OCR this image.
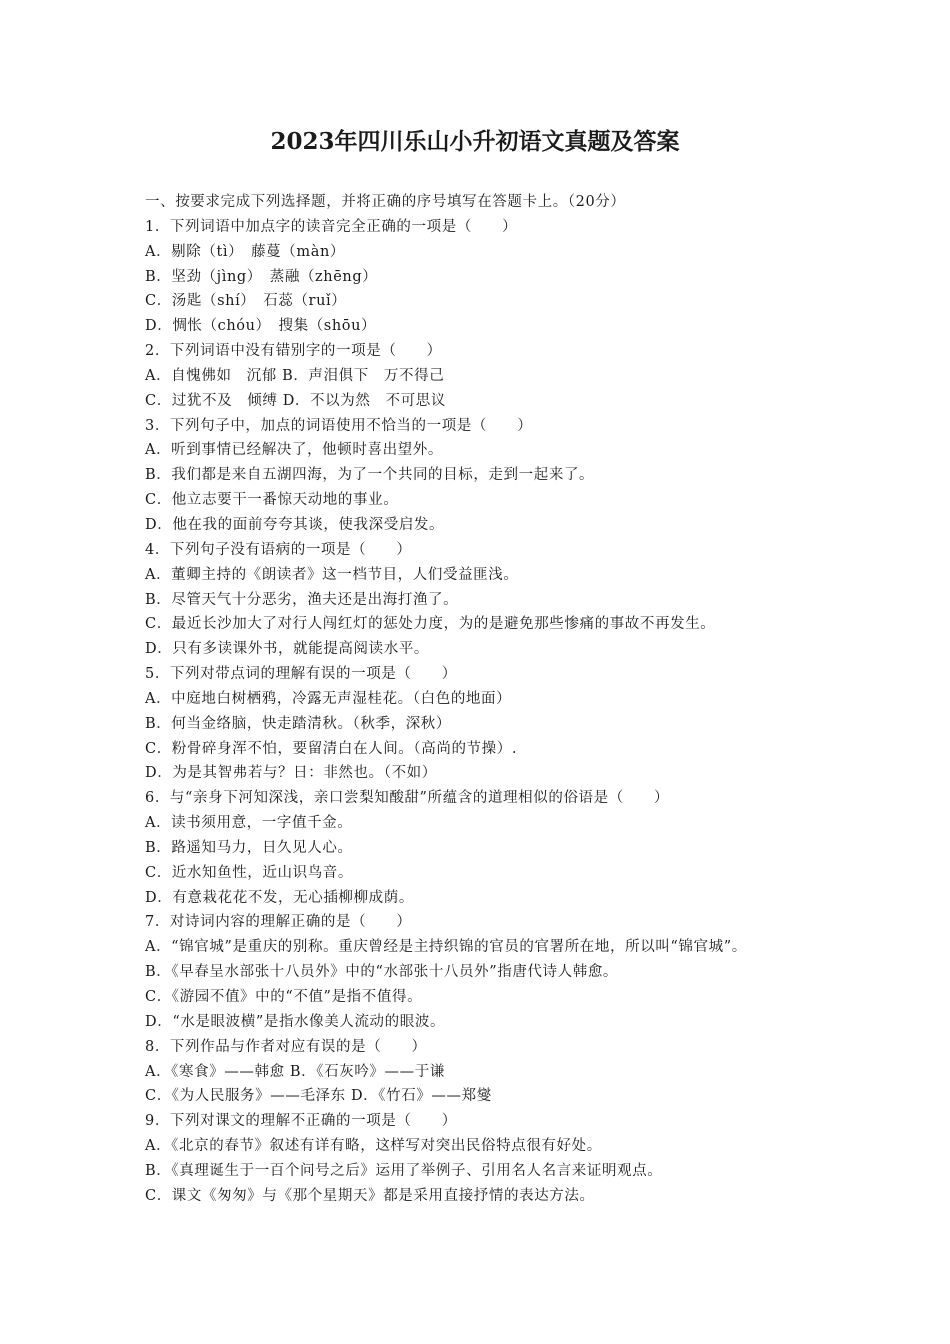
2023年四川乐山小升初语文真题及答案
一、按要求完成下列选择题，并将正确的序号填写在答题卡上。（20分）
1．下列词语中加点字的读音完全正确的一项是（　　）
A．剔除（tì）　藤蔓（màn）
B．坚劲（jìng）　蒸融（zhēng）
C．汤匙（shí）　石蕊（ruǐ）
D．惆怅（chóu）　搜集（shōu）
2．下列词语中没有错别字的一项是（　　）
A．自愧佛如　沉郁 B．声泪俱下　万不得己
C．过犹不及　倾缚 D．不以为然　不可思议
3．下列句子中，加点的词语使用不恰当的一项是（　　）
A．听到事情已经解决了，他顿时喜出望外。
B．我们都是来自五湖四海，为了一个共同的目标，走到一起来了。
C．他立志要干一番惊天动地的事业。
D．他在我的面前夸夸其谈，使我深受启发。
4．下列句子没有语病的一项是（　　）
A．董卿主持的《朗读者》这一档节目，人们受益匪浅。
B．尽管天气十分恶劣，渔夫还是出海打渔了。
C．最近长沙加大了对行人闯红灯的惩处力度，为的是避免那些惨痛的事故不再发生。
D．只有多读课外书，就能提高阅读水平。
5．下列对带点词的理解有误的一项是（　　）
A．中庭地白树栖鸦，冷露无声湿桂花。（白色的地面）
B．何当金络脑，快走踏清秋。（秋季，深秋）
C．粉骨碎身浑不怕，要留清白在人间。（高尚的节操）.
D．为是其智弗若与？日：非然也。（不如）
6．与“亲身下河知深浅，亲口尝梨知酸甜”所蕴含的道理相似的俗语是（　　）
A．读书须用意，一字值千金。
B．路遥知马力，日久见人心。
C．近水知鱼性，近山识鸟音。
D．有意栽花花不发，无心插柳柳成荫。
7．对诗词内容的理解正确的是（　　）
A．“锦官城”是重庆的别称。重庆曾经是主持织锦的官员的官署所在地，所以叫“锦官城”。
B．《早春呈水部张十八员外》中的“水部张十八员外”指唐代诗人韩愈。
C．《游园不值》中的“不值”是指不值得。
D．“水是眼波横”是指水像美人流动的眼波。
8．下列作品与作者对应有误的是（　　）
A．《寒食》——韩愈 B．《石灰吟》——于谦
C．《为人民服务》——毛泽东 D．《竹石》——郑燮
9．下列对课文的理解不正确的一项是（　　）
A．《北京的春节》叙述有详有略，这样写对突出民俗特点很有好处。
B．《真理诞生于一百个问号之后》运用了举例子、引用名人名言来证明观点。
C．课文《匆匆》与《那个星期天》都是采用直接抒情的表达方法。
